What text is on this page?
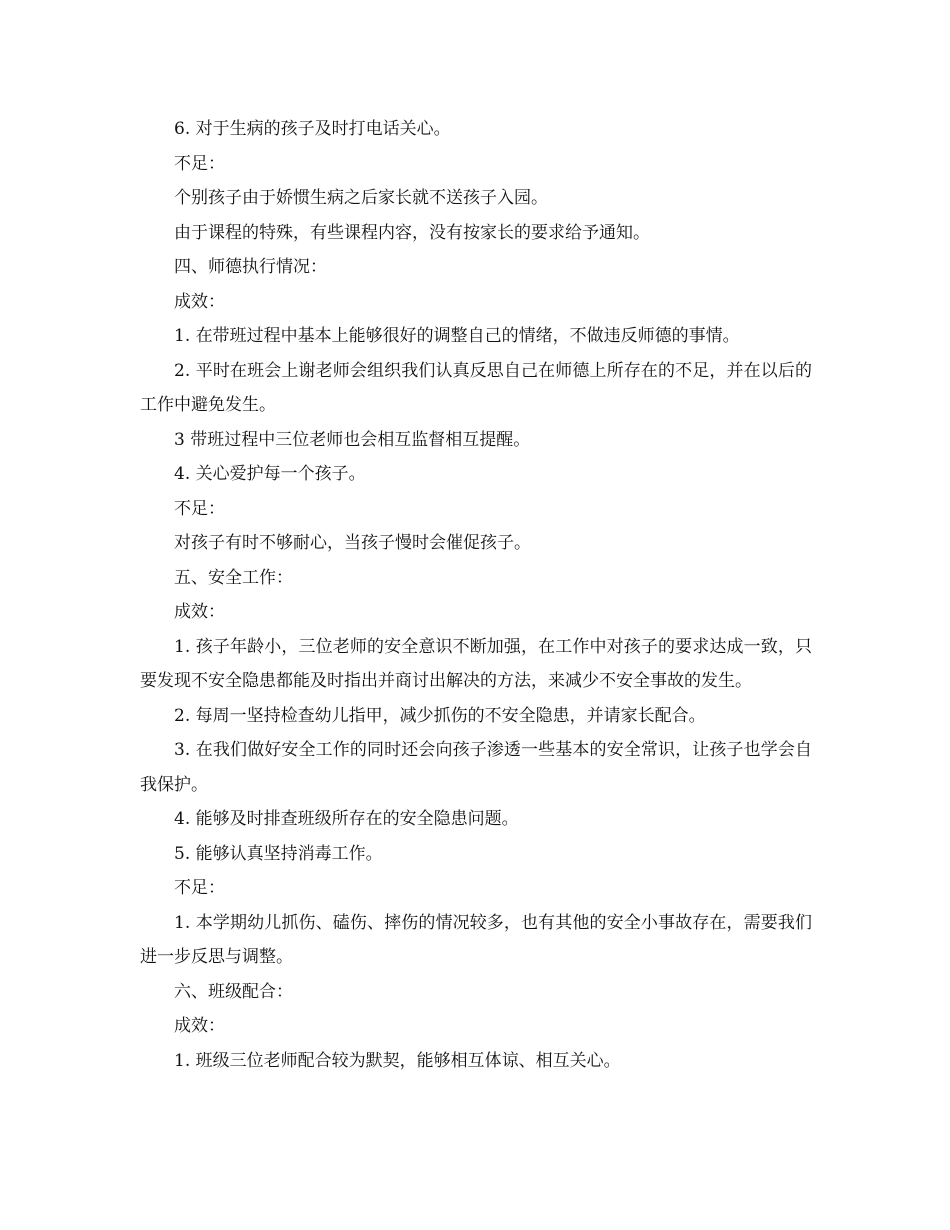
6. 对于生病的孩子及时打电话关心。

不足：

个别孩子由于娇惯生病之后家长就不送孩子入园。

由于课程的特殊，有些课程内容，没有按家长的要求给予通知。

四、师德执行情况：

成效：

1. 在带班过程中基本上能够很好的调整自己的情绪，不做违反师德的事情。

2. 平时在班会上谢老师会组织我们认真反思自己在师德上所存在的不足，并在以后的工作中避免发生。

3 带班过程中三位老师也会相互监督相互提醒。

4. 关心爱护每一个孩子。

不足：

对孩子有时不够耐心，当孩子慢时会催促孩子。

五、安全工作：

成效：

1. 孩子年龄小，三位老师的安全意识不断加强，在工作中对孩子的要求达成一致，只要发现不安全隐患都能及时指出并商讨出解决的方法，来减少不安全事故的发生。

2. 每周一坚持检查幼儿指甲，减少抓伤的不安全隐患，并请家长配合。

3. 在我们做好安全工作的同时还会向孩子渗透一些基本的安全常识，让孩子也学会自我保护。

4. 能够及时排查班级所存在的安全隐患问题。

5. 能够认真坚持消毒工作。

不足：

1. 本学期幼儿抓伤、磕伤、摔伤的情况较多，也有其他的安全小事故存在，需要我们进一步反思与调整。

六、班级配合：

成效：

1. 班级三位老师配合较为默契，能够相互体谅、相互关心。
